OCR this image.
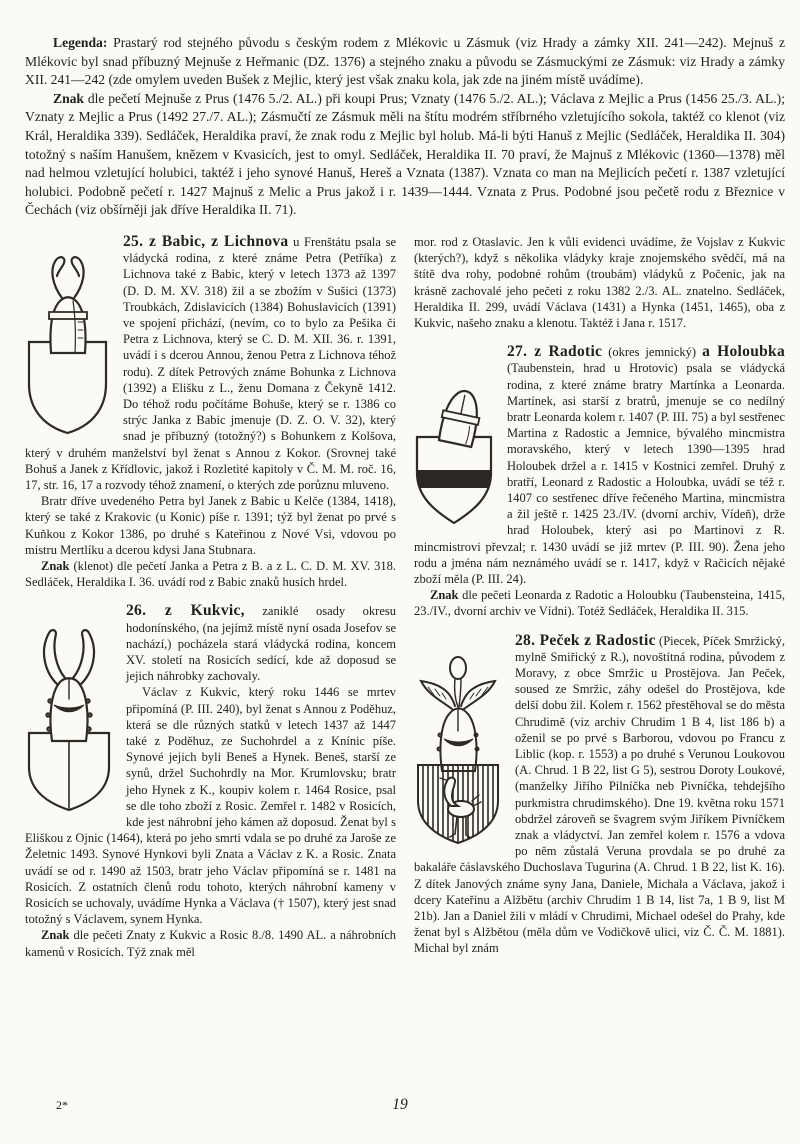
Legenda: Prastarý rod stejného původu s českým rodem z Mlékovic u Zásmuk (viz Hrady a zámky XII. 241—242). Mejnuš z Mlékovic byl snad příbuzný Mejnuše z Heřmanic (DZ. 1376) a stejného znaku a původu se Zásmuckými ze Zásmuk: viz Hrady a zámky XII. 241—242 (zde omylem uveden Bušek z Mejlic, který jest však znaku kola, jak zde na jiném místě uvádíme).

Znak dle pečetí Mejnuše z Prus (1476 5./2. AL.) při koupi Prus; Vznaty (1476 5./2. AL.); Václava z Mejlic a Prus (1456 25./3. AL.); Vznaty z Mejlic a Prus (1492 27./7. AL.); Zásmučtí ze Zásmuk měli na štítu modrém stříbrného vzletujícího sokola, taktéž co klenot (viz Král, Heraldika 339). Sedláček, Heraldika praví, že znak rodu z Mejlic byl holub. Má-li býti Hanuš z Mejlic (Sedláček, Heraldika II. 304) totožný s naším Hanušem, knězem v Kvasicích, jest to omyl. Sedláček, Heraldika II. 70 praví, že Majnuš z Mlékovic (1360—1378) měl nad helmou vzletující holubici, taktéž i jeho synové Hanuš, Hereš a Vznata (1387). Vznata co man na Mejlicích pečetí r. 1387 vzletující holubici. Podobně pečetí r. 1427 Majnuš z Melic a Prus jakož i r. 1439—1444. Vznata z Prus. Podobné jsou pečetě rodu z Březnice v Čechách (viz obšírněji jak dříve Heraldika II. 71).

25. z Babic, z Lichnova u Frenštátu psala se vládycká rodina, z které známe Petra (Petříka) z Lichnova také z Babic, který v letech 1373 až 1397 (D. D. M. XV. 318) žil a se zbožím v Sušici (1373) Troubkách, Zdislavicích (1384) Bohuslavicích (1391) ve spojení přichází, (nevím, co to bylo za Pešika či Petra z Lichnova, který se C. D. M. XII. 36. r. 1391, uvádí i s dcerou Annou, ženou Petra z Lichnova téhož rodu). Z dítek Petrových známe Bohunka z Lichnova (1392) a Elišku z L., ženu Domana z Čekyně 1412. Do téhož rodu počítáme Bohuše, který se r. 1386 co strýc Janka z Babic jmenuje (D. Z. O. V. 32), který snad je příbuzný (totožný?) s Bohunkem z Kolšova, který v druhém manželství byl ženat s Annou z Kokor. (Srovnej také Bohuš a Janek z Křídlovic, jakož i Rozletité kapitoly v Č. M. M. roč. 16, 17, str. 16, 17 a rozvody téhož znamení, o kterých zde porůznu mluveno.

Bratr dříve uvedeného Petra byl Janek z Babic u Kelče (1384, 1418), který se také z Krakovic (u Konic) píše r. 1391; týž byl ženat po prvé s Kuňkou z Kokor 1386, po druhé s Kateřinou z Nové Vsi, vdovou po mistru Mertlíku a dcerou kdysi Jana Stubnara.

Znak (klenot) dle pečetí Janka a Petra z B. a z L. C. D. M. XV. 318. Sedláček, Heraldika I. 36. uvádí rod z Babic znaků husích hrdel.

26. z Kukvic, zaniklé osady okresu hodonínského, (na jejímž místě nyní osada Josefov se nachází,) pocházela stará vládycká rodina, koncem XV. století na Rosicích sedící, kde až doposud se jejich náhrobky zachovaly.

Václav z Kukvic, který roku 1446 se mrtev připomíná (P. III. 240), byl ženat s Annou z Poděhuz, která se dle různých statků v letech 1437 až 1447 také z Poděhuz, ze Suchohrdel a z Knínic píše. Synové jejich byli Beneš a Hynek. Beneš, starší ze synů, držel Suchohrdly na Mor. Krumlovsku; bratr jeho Hynek z K., koupiv kolem r. 1464 Rosice, psal se dle toho zboží z Rosic. Zemřel r. 1482 v Rosicích, kde jest náhrobní jeho kámen až doposud. Ženat byl s Eliškou z Ojnic (1464), která po jeho smrti vdala se po druhé za Jaroše ze Želetnic 1493. Synové Hynkovi byli Znata a Václav z K. a Rosic. Znata uvádí se od r. 1490 až 1503, bratr jeho Václav připomíná se r. 1481 na Rosicích. Z ostatních členů rodu tohoto, kterých náhrobní kameny v Rosicích se uchovaly, uvádíme Hynka a Václava († 1507), který jest snad totožný s Václavem, synem Hynka.

Znak dle pečeti Znaty z Kukvic a Rosic 8./8. 1490 AL. a náhrobních kamenů v Rosicích. Týž znak měl

mor. rod z Otaslavic. Jen k vůli evidenci uvádíme, že Vojslav z Kukvic (kterých?), když s několika vládyky kraje znojemského svědčí, má na štítě dva rohy, podobné rohům (troubám) vládyků z Počenic, jak na krásně zachovalé jeho pečeti z roku 1382 2./3. AL. znatelno. Sedláček, Heraldika II. 299, uvádí Václava (1431) a Hynka (1451, 1465), oba z Kukvic, našeho znaku a klenotu. Taktéž i Jana r. 1517.

27. z Radotic (okres jemnický) a Holoubka (Taubenstein, hrad u Hrotovic) psala se vládycká rodina, z které známe bratry Martínka a Leonarda. Martínek, asi starší z bratrů, jmenuje se co nedílný bratr Leonarda kolem r. 1407 (P. III. 75) a byl sestřenec Martina z Radostic a Jemnice, bývalého mincmistra moravského, který v letech 1390—1395 hrad Holoubek držel a r. 1415 v Kostnici zemřel. Druhý z bratří, Leonard z Radostic a Holoubka, uvádí se též r. 1407 co sestřenec dříve řečeného Martina, mincmistra a žil ještě r. 1425 23./IV. (dvorní archiv, Vídeň), drže hrad Holoubek, který asi po Martinovi z R. mincmistrovi převzal; r. 1430 uvádí se již mrtev (P. III. 90). Žena jeho rodu a jména nám neznámého uvádí se r. 1417, když v Račicích nějaké zboží měla (P. III. 24).

Znak dle pečeti Leonarda z Radotic a Holoubku (Taubensteina, 1415, 23./IV., dvorní archiv ve Vídni). Totéž Sedláček, Heraldika II. 315.

28. Peček z Radostic (Piecek, Píček Smržický, mylně Smiřický z R.), novoštítná rodina, původem z Moravy, z obce Smržic u Prostějova. Jan Peček, soused ze Smržic, záhy odešel do Prostějova, kde delší dobu žil. Kolem r. 1562 přestěhoval se do města Chrudimě (viz archiv Chrudim 1 B 4, list 186 b) a oženil se po prvé s Barborou, vdovou po Francu z Liblic (kop. r. 1553) a po druhé s Verunou Loukovou (A. Chrud. 1 B 22, list G 5), sestrou Doroty Loukové, (manželky Jiřího Pilníčka neb Pivníčka, tehdejšího purkmistra chrudimského). Dne 19. května roku 1571 obdržel zároveň se švagrem svým Jiříkem Pivníčkem znak a vládyctví. Jan zemřel kolem r. 1576 a vdova po něm zůstalá Veruna provdala se po druhé za bakaláře čáslavského Duchoslava Tugurina (A. Chrud. 1 B 22, list K. 16). Z dítek Janových známe syny Jana, Daniele, Michala a Václava, jakož i dcery Kateřinu a Alžbětu (archiv Chrudim 1 B 14, list 7a, 1 B 9, list M 21b). Jan a Daniel žili v mládí v Chrudimi, Michael odešel do Prahy, kde ženat byl s Alžbětou (měla dům ve Vodičkově ulici, viz Č. Č. M. 1881). Michal byl znám

2*	19
